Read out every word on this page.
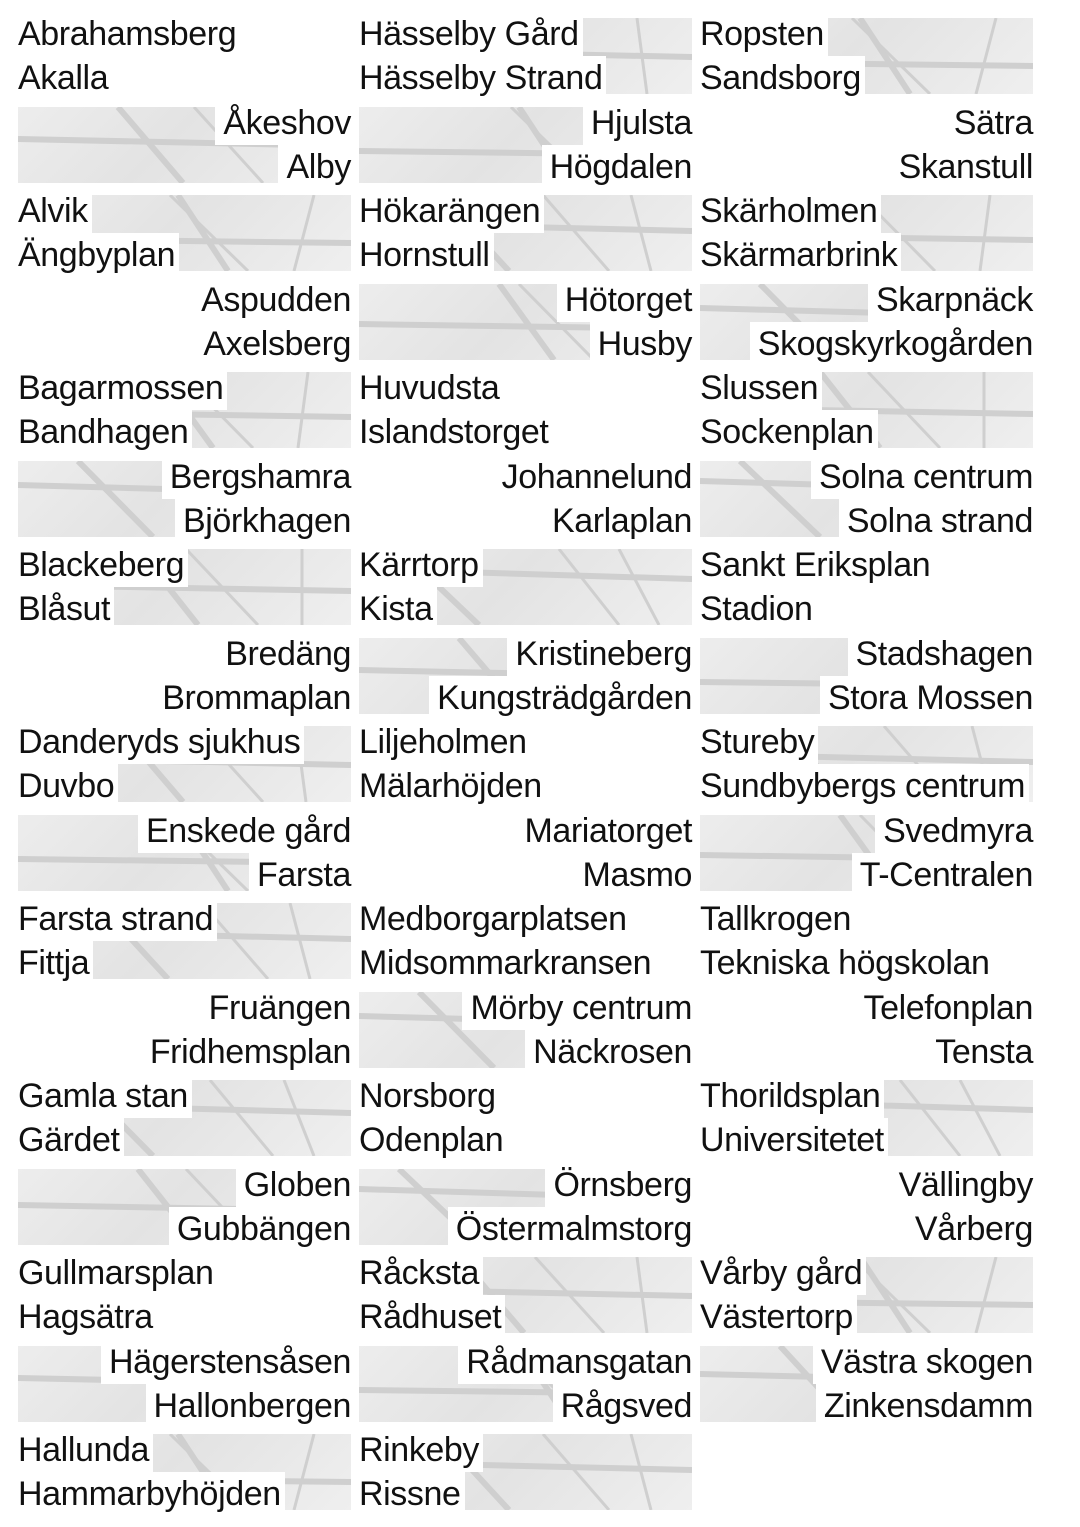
Abrahamsberg
Akalla
Åkeshov
Alby
Alvik
Ängbyplan
Aspudden
Axelsberg
Bagarmossen
Bandhagen
Bergshamra
Björkhagen
Blackeberg
Blåsut
Bredäng
Brommaplan
Danderyds sjukhus
Duvbo
Enskede gård
Farsta
Farsta strand
Fittja
Fruängen
Fridhemsplan
Gamla stan
Gärdet
Globen
Gubbängen
Gullmarsplan
Hagsätra
Hägerstensåsen
Hallonbergen
Hallunda
Hammarbyhöjden
Hässelby Gård
Hässelby Strand
Hjulsta
Högdalen
Hökarängen
Hornstull
Hötorget
Husby
Huvudsta
Islandstorget
Johannelund
Karlaplan
Kärrtorp
Kista
Kristineberg
Kungsträdgården
Liljeholmen
Mälarhöjden
Mariatorget
Masmo
Medborgarplatsen
Midsommarkransen
Mörby centrum
Näckrosen
Norsborg
Odenplan
Örnsberg
Östermalmstorg
Råcksta
Rådhuset
Rådmansgatan
Rågsved
Rinkeby
Rissne
Ropsten
Sandsborg
Sätra
Skanstull
Skärholmen
Skärmarbrink
Skarpnäck
Skogskyrkogården
Slussen
Sockenplan
Solna centrum
Solna strand
Sankt Eriksplan
Stadion
Stadshagen
Stora Mossen
Stureby
Sundbybergs centrum
Svedmyra
T-Centralen
Tallkrogen
Tekniska högskolan
Telefonplan
Tensta
Thorildsplan
Universitetet
Vällingby
Vårberg
Vårby gård
Västertorp
Västra skogen
Zinkensdamm
